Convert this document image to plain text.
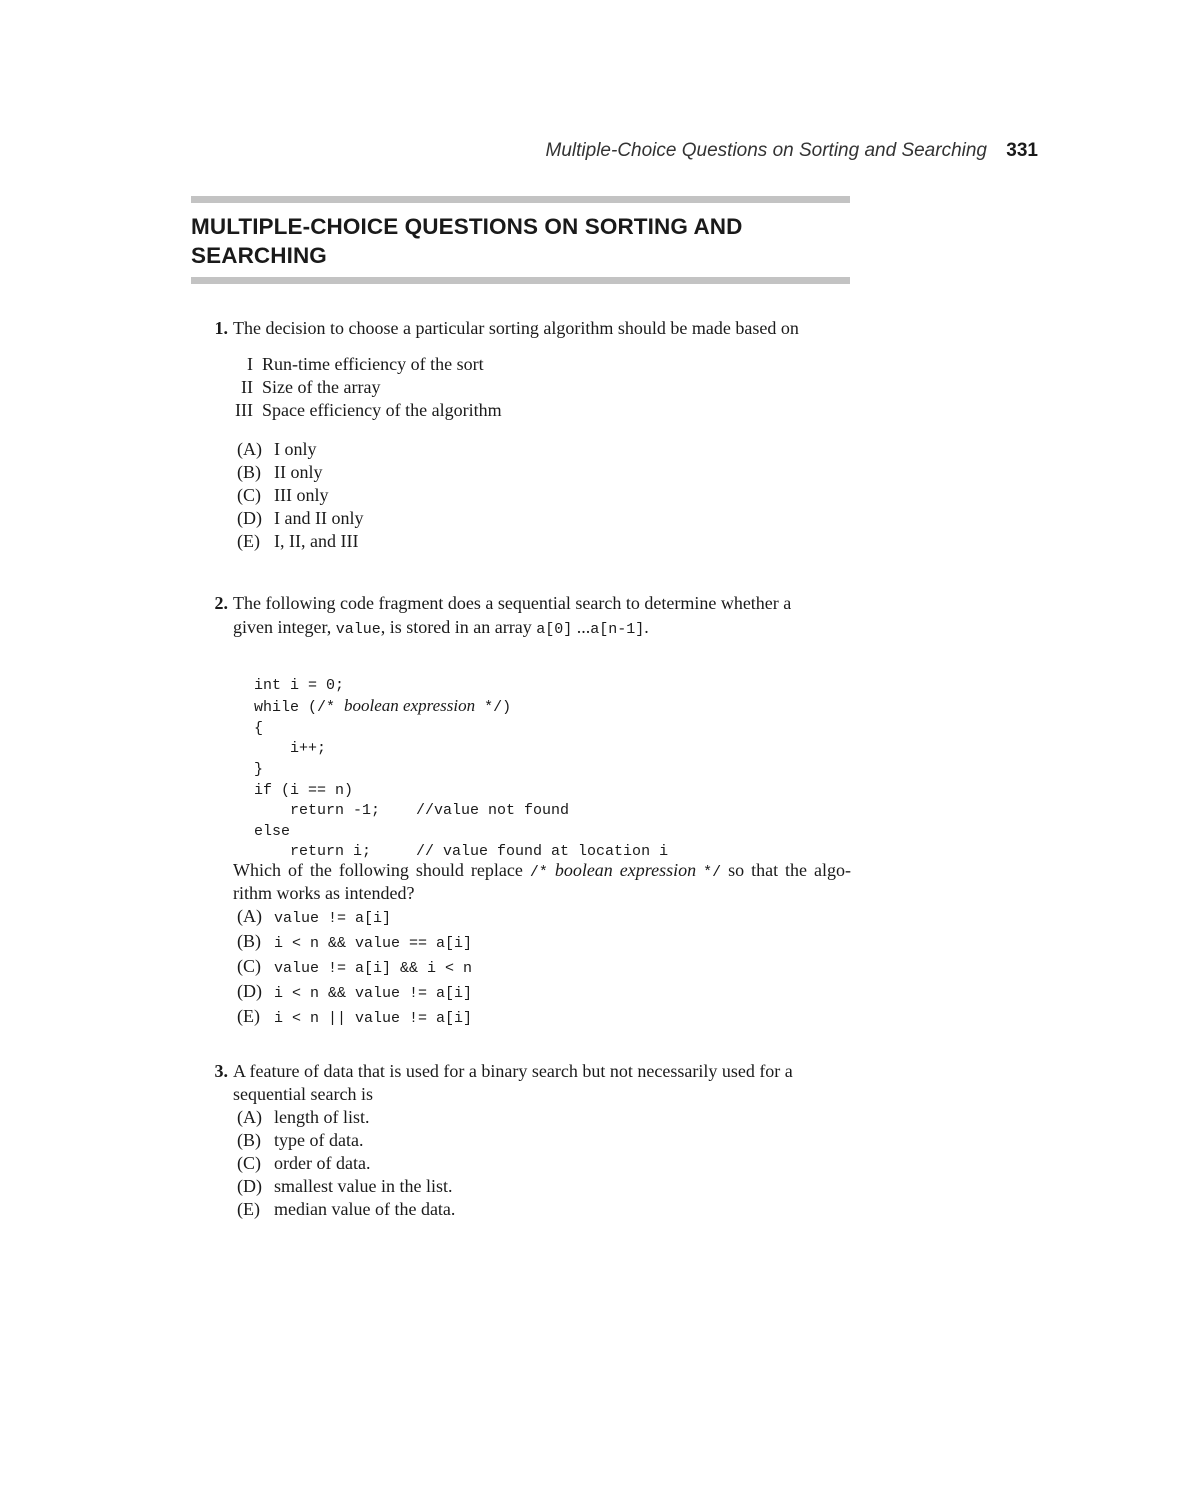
Multiple-Choice Questions on Sorting and Searching 331
MULTIPLE-CHOICE QUESTIONS ON SORTING AND
SEARCHING
1. The decision to choose a particular sorting algorithm should be made based on
I Run-time efficiency of the sort
II Size of the array
III Space efficiency of the algorithm
(A) I only
(B) II only
(C) III only
(D) I and II only
(E) I, II, and III
2. The following code fragment does a sequential search to determine whether a
given integer, value, is stored in an array a[0] ...a[n-1].

int i = 0;
while (/* boolean expression */)
{
i++;
}
if (i == n)
return -1;    //value not found
else
return i;     // value found at location i

Which of the following should replace /* boolean expression */ so that the algo-
rithm works as intended?
(A) value != a[i]
(B) i < n && value == a[i]
(C) value != a[i] && i < n
(D) i < n && value != a[i]
(E) i < n || value != a[i]
3. A feature of data that is used for a binary search but not necessarily used for a
sequential search is
(A) length of list.
(B) type of data.
(C) order of data.
(D) smallest value in the list.
(E) median value of the data.
